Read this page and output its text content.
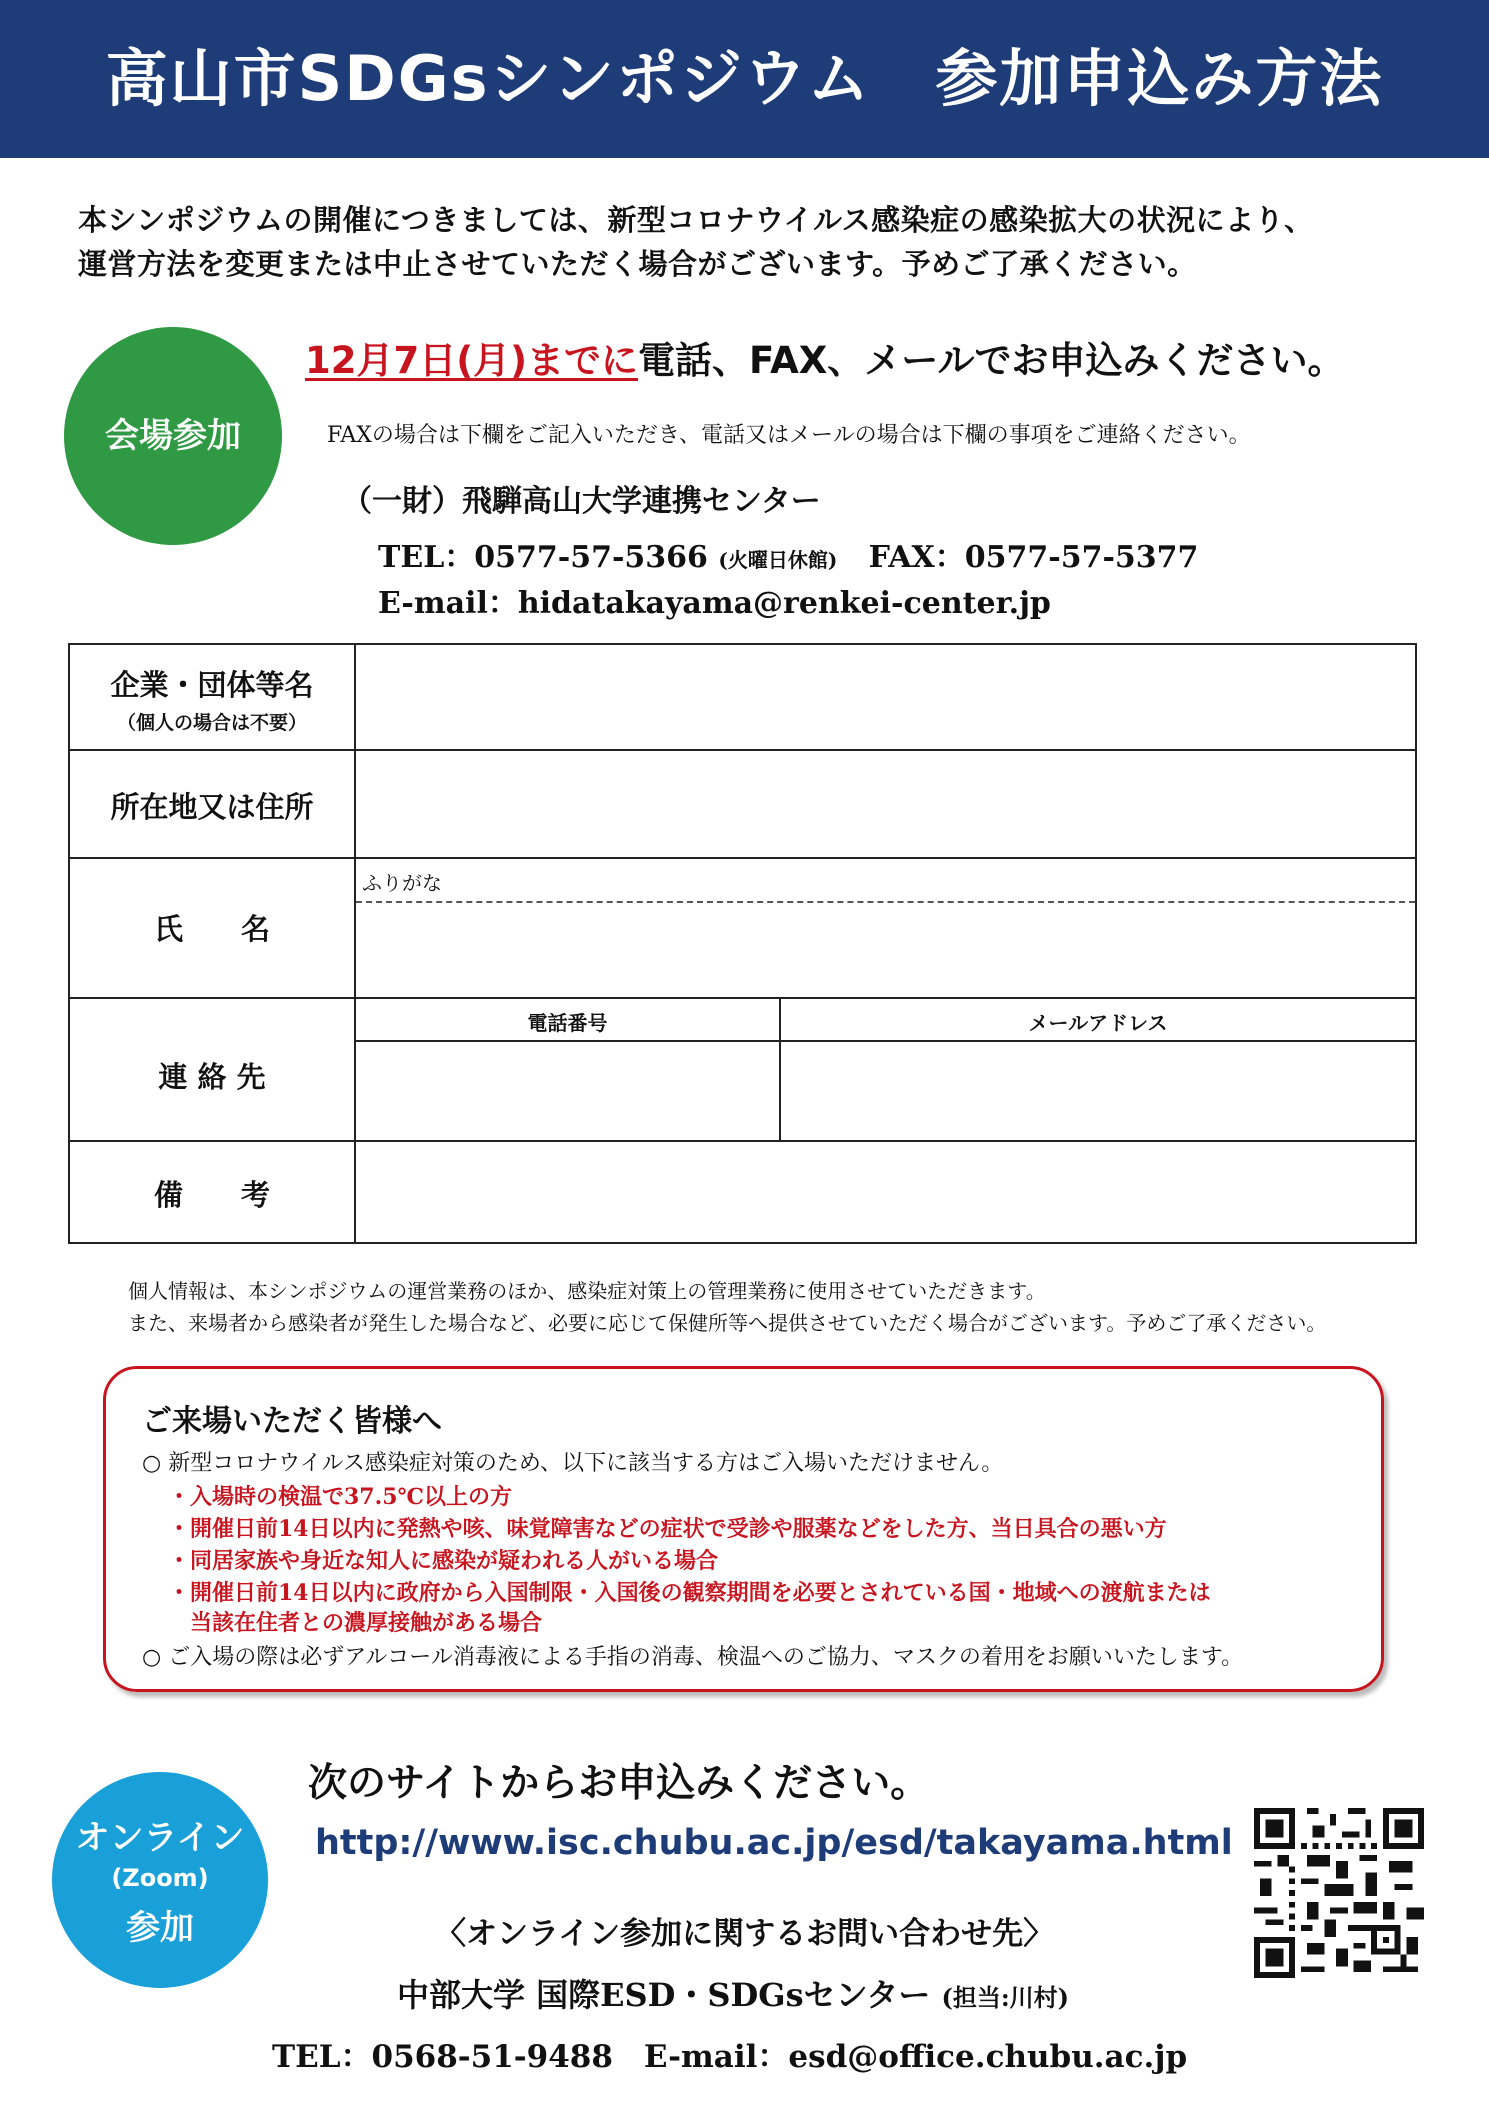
高山市SDGsシンポジウム　参加申込み方法
本シンポジウムの開催につきましては、新型コロナウイルス感染症の感染拡大の状況により、
運営方法を変更または中止させていただく場合がございます。予めご了承ください。
会場参加
12月7日(月)までに電話、FAX、メールでお申込みください。
FAXの場合は下欄をご記入いただき、電話又はメールの場合は下欄の事項をご連絡ください。
（一財）飛騨高山大学連携センター
TEL：0577-57-5366 (火曜日休館) FAX：0577-57-5377
E-mail：hidatakayama@renkei-center.jp
企業・団体等名
（個人の場合は不要）
所在地又は住所
氏　　名
ふりがな
連 絡 先
電話番号	メールアドレス
備　　考
個人情報は、本シンポジウムの運営業務のほか、感染症対策上の管理業務に使用させていただきます。
また、来場者から感染者が発生した場合など、必要に応じて保健所等へ提供させていただく場合がございます。予めご了承ください。
ご来場いただく皆様へ
○ 新型コロナウイルス感染症対策のため、以下に該当する方はご入場いただけません。
・入場時の検温で37.5℃以上の方
・開催日前14日以内に発熱や咳、味覚障害などの症状で受診や服薬などをした方、当日具合の悪い方
・同居家族や身近な知人に感染が疑われる人がいる場合
・開催日前14日以内に政府から入国制限・入国後の観察期間を必要とされている国・地域への渡航または
　当該在住者との濃厚接触がある場合
○ ご入場の際は必ずアルコール消毒液による手指の消毒、検温へのご協力、マスクの着用をお願いいたします。
オンライン
(Zoom)
参加
次のサイトからお申込みください。
http://www.isc.chubu.ac.jp/esd/takayama.html
〈オンライン参加に関するお問い合わせ先〉
中部大学 国際ESD・SDGsセンター (担当:川村)
TEL：0568-51-9488　E-mail：esd@office.chubu.ac.jp
